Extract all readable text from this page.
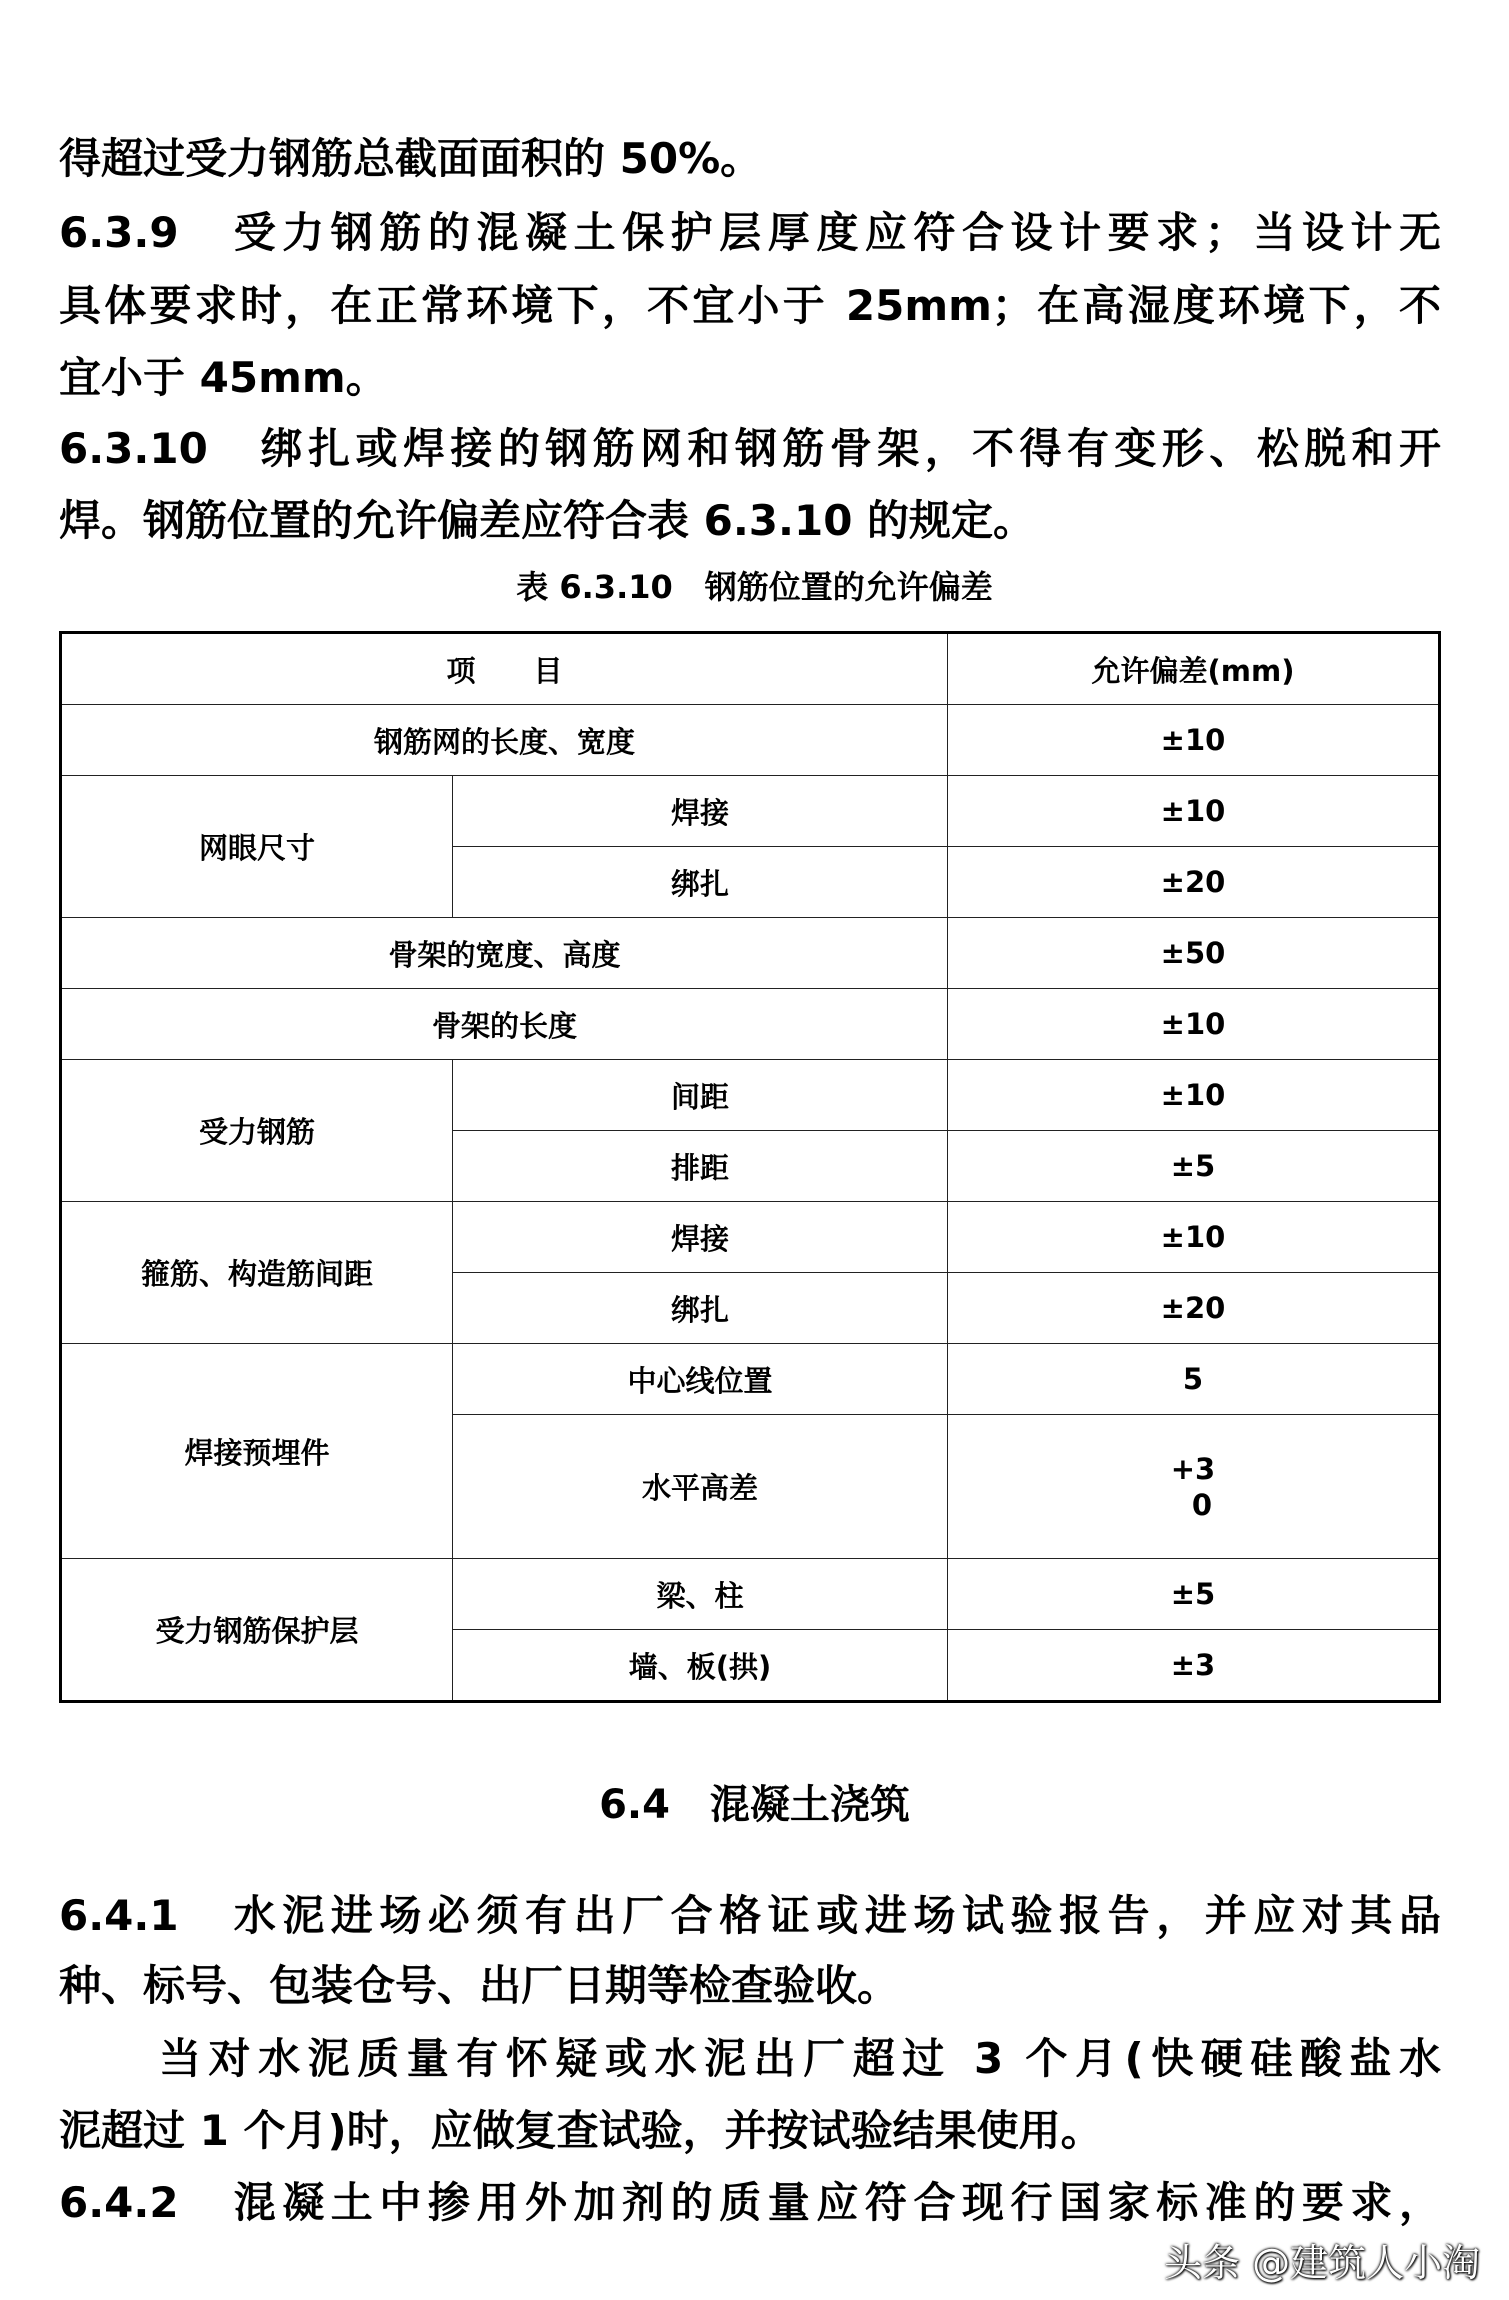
得超过受力钢筋总截面面积的 50%。
6.3.9　受力钢筋的混凝土保护层厚度应符合设计要求；当设计无
具体要求时，在正常环境下，不宜小于 25mm；在高湿度环境下，不
宜小于 45mm。
6.3.10　绑扎或焊接的钢筋网和钢筋骨架，不得有变形、松脱和开
焊。钢筋位置的允许偏差应符合表 6.3.10 的规定。
表 6.3.10　钢筋位置的允许偏差
项　　目		允许偏差(mm)
钢筋网的长度、宽度		±10
网眼尺寸	焊接	±10
	绑扎	±20
骨架的宽度、高度		±50
骨架的长度		±10
受力钢筋	间距	±10
	排距	±5
箍筋、构造筋间距	焊接	±10
	绑扎	±20
焊接预埋件	中心线位置	5
	水平高差	+3
0

受力钢筋保护层	梁、柱	±5
	墙、板(拱)	±3
6.4　混凝土浇筑
6.4.1　水泥进场必须有出厂合格证或进场试验报告，并应对其品
种、标号、包装仓号、出厂日期等检查验收。
当对水泥质量有怀疑或水泥出厂超过 3 个月(快硬硅酸盐水
泥超过 1 个月)时，应做复查试验，并按试验结果使用。
6.4.2　混凝土中掺用外加剂的质量应符合现行国家标准的要求，
头条 @建筑人小淘
